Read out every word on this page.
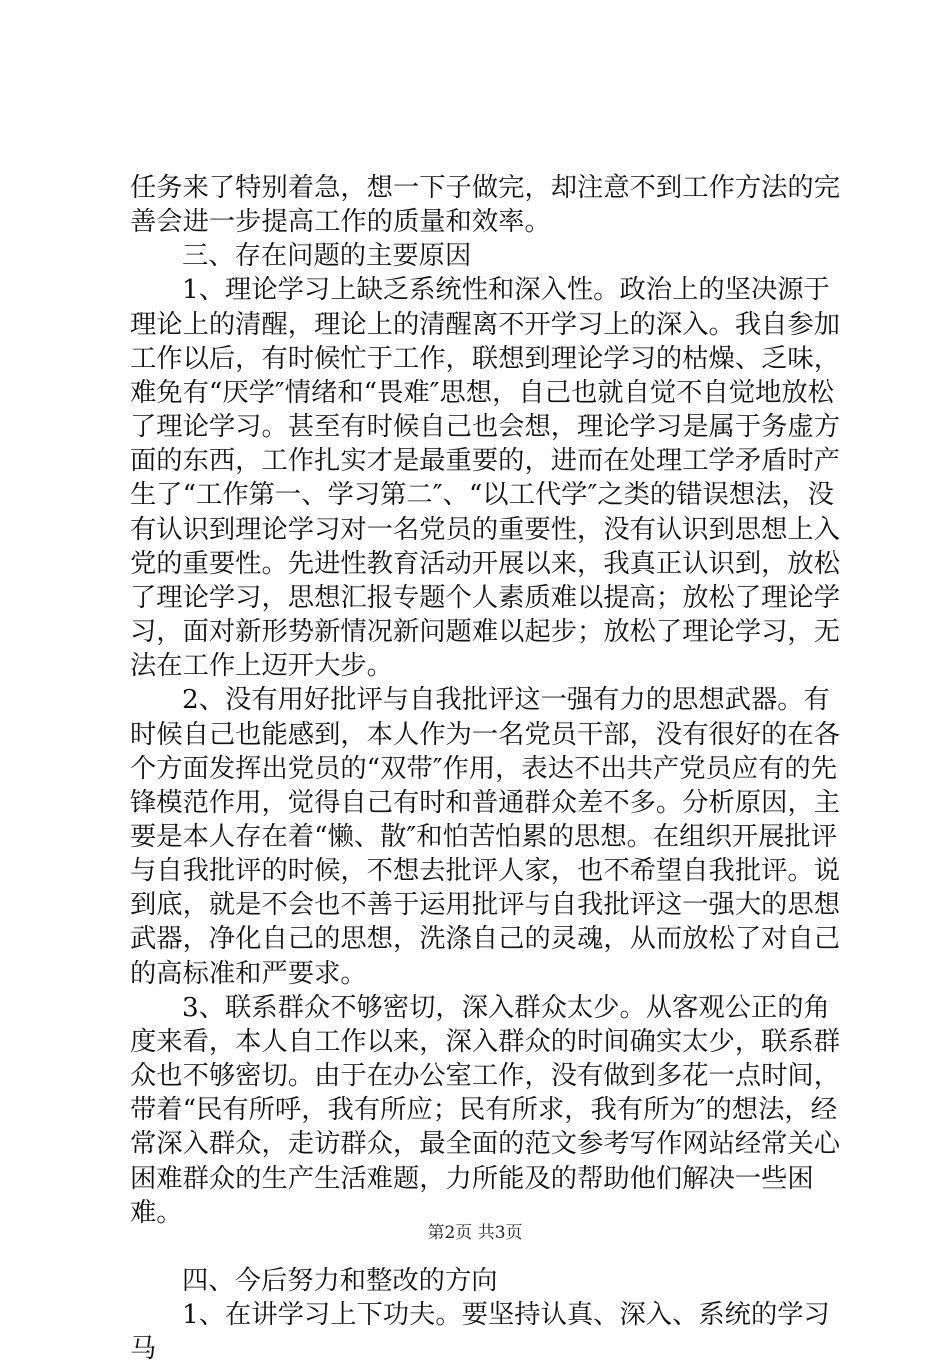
任务来了特别着急，想一下子做完，却注意不到工作方法的完善会进一步提高工作的质量和效率。

三、存在问题的主要原因

1、理论学习上缺乏系统性和深入性。政治上的坚决源于理论上的清醒，理论上的清醒离不开学习上的深入。我自参加工作以后，有时候忙于工作，联想到理论学习的枯燥、乏味，难免有“厌学″情绪和“畏难″思想，自己也就自觉不自觉地放松了理论学习。甚至有时候自己也会想，理论学习是属于务虚方面的东西，工作扎实才是最重要的，进而在处理工学矛盾时产生了“工作第一、学习第二″、“以工代学″之类的错误想法，没有认识到理论学习对一名党员的重要性，没有认识到思想上入党的重要性。先进性教育活动开展以来，我真正认识到，放松了理论学习，思想汇报专题个人素质难以提高；放松了理论学习，面对新形势新情况新问题难以起步；放松了理论学习，无法在工作上迈开大步。

2、没有用好批评与自我批评这一强有力的思想武器。有时候自己也能感到，本人作为一名党员干部，没有很好的在各个方面发挥出党员的“双带″作用，表达不出共产党员应有的先锋模范作用，觉得自己有时和普通群众差不多。分析原因，主要是本人存在着“懒、散″和怕苦怕累的思想。在组织开展批评与自我批评的时候，不想去批评人家，也不希望自我批评。说到底，就是不会也不善于运用批评与自我批评这一强大的思想武器，净化自己的思想，洗涤自己的灵魂，从而放松了对自己的高标准和严要求。

3、联系群众不够密切，深入群众太少。从客观公正的角度来看，本人自工作以来，深入群众的时间确实太少，联系群众也不够密切。由于在办公室工作，没有做到多花一点时间，带着“民有所呼，我有所应；民有所求，我有所为″的想法，经常深入群众，走访群众，最全面的范文参考写作网站经常关心困难群众的生产生活难题，力所能及的帮助他们解决一些困难。

四、今后努力和整改的方向

1、在讲学习上下功夫。要坚持认真、深入、系统的学习马

第2页 共3页
